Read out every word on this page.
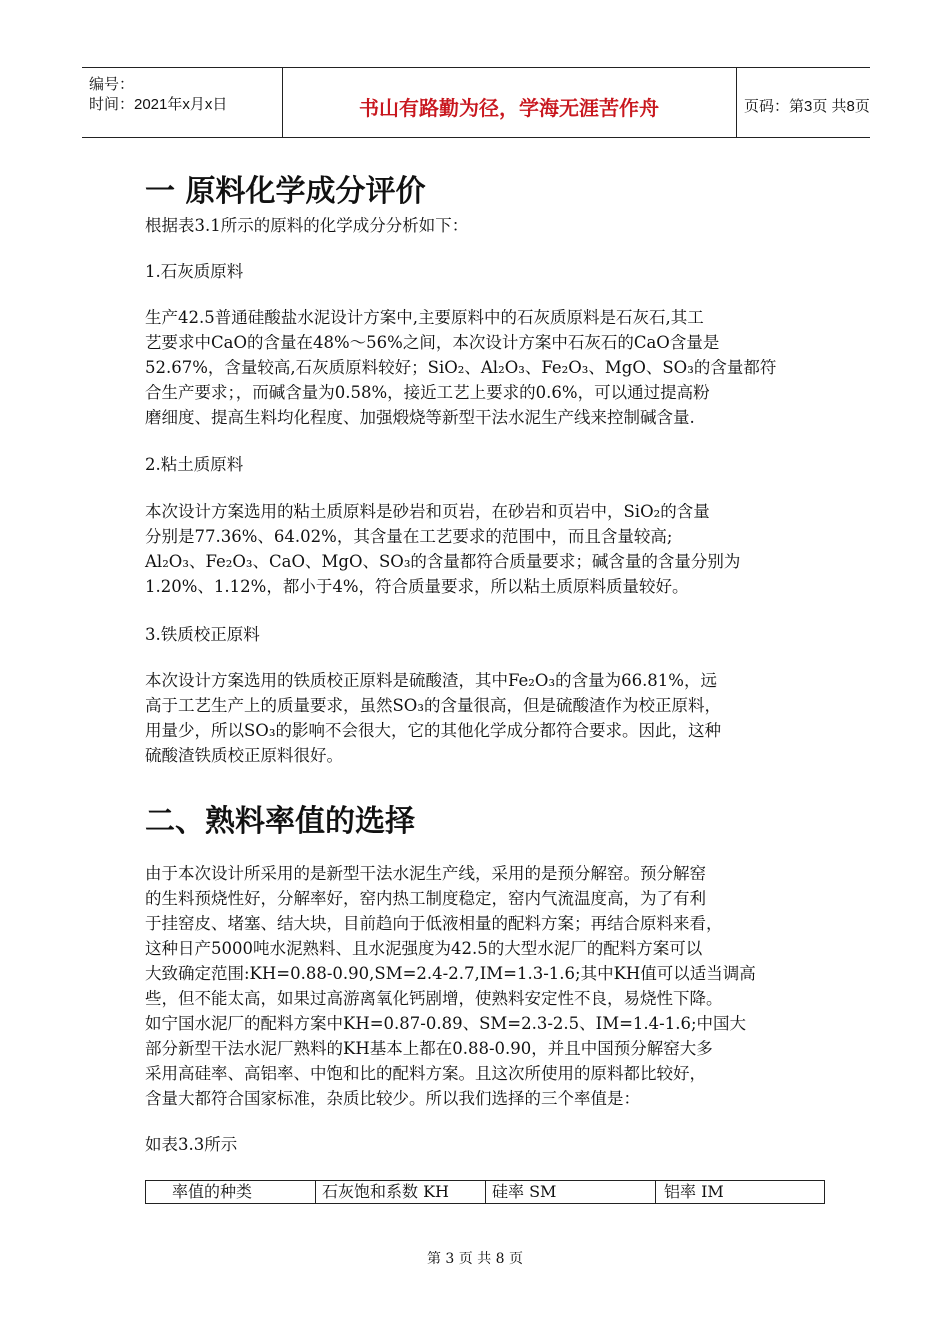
编号：
时间：2021年x月x日	书山有路勤为径，学海无涯苦作舟	页码：第3页 共8页
一 原料化学成分评价
根据表3.1所示的原料的化学成分分析如下：
1.石灰质原料
生产42.5普通硅酸盐水泥设计方案中,主要原料中的石灰质原料是石灰石,其工
艺要求中CaO的含量在48%～56%之间，本次设计方案中石灰石的CaO含量是
52.67%，含量较高,石灰质原料较好；SiO₂、Al₂O₃、Fe₂O₃、MgO、SO₃的含量都符
合生产要求；，而碱含量为0.58%，接近工艺上要求的0.6%，可以通过提高粉
磨细度、提高生料均化程度、加强煅烧等新型干法水泥生产线来控制碱含量.
2.粘土质原料
本次设计方案选用的粘土质原料是砂岩和页岩，在砂岩和页岩中，SiO₂的含量
分别是77.36%、64.02%，其含量在工艺要求的范围中，而且含量较高;
Al₂O₃、Fe₂O₃、CaO、MgO、SO₃的含量都符合质量要求；碱含量的含量分别为
1.20%、1.12%，都小于4%，符合质量要求，所以粘土质原料质量较好。
3.铁质校正原料
本次设计方案选用的铁质校正原料是硫酸渣，其中Fe₂O₃的含量为66.81%，远
高于工艺生产上的质量要求，虽然SO₃的含量很高，但是硫酸渣作为校正原料，
用量少，所以SO₃的影响不会很大，它的其他化学成分都符合要求。因此，这种
硫酸渣铁质校正原料很好。
二、熟料率值的选择
由于本次设计所采用的是新型干法水泥生产线，采用的是预分解窑。预分解窑
的生料预烧性好，分解率好，窑内热工制度稳定，窑内气流温度高，为了有利
于挂窑皮、堵塞、结大块，目前趋向于低液相量的配料方案；再结合原料来看，
这种日产5000吨水泥熟料、且水泥强度为42.5的大型水泥厂的配料方案可以
大致确定范围:KH=0.88-0.90,SM=2.4-2.7,IM=1.3-1.6;其中KH值可以适当调高
些，但不能太高，如果过高游离氧化钙剧增，使熟料安定性不良，易烧性下降。
如宁国水泥厂的配料方案中KH=0.87-0.89、SM=2.3-2.5、IM=1.4-1.6;中国大
部分新型干法水泥厂熟料的KH基本上都在0.88-0.90，并且中国预分解窑大多
采用高硅率、高铝率、中饱和比的配料方案。且这次所使用的原料都比较好，
含量大都符合国家标准，杂质比较少。所以我们选择的三个率值是：
如表3.3所示
率值的种类	石灰饱和系数 KH	硅率 SM	铝率 IM
第 3 页 共 8 页
